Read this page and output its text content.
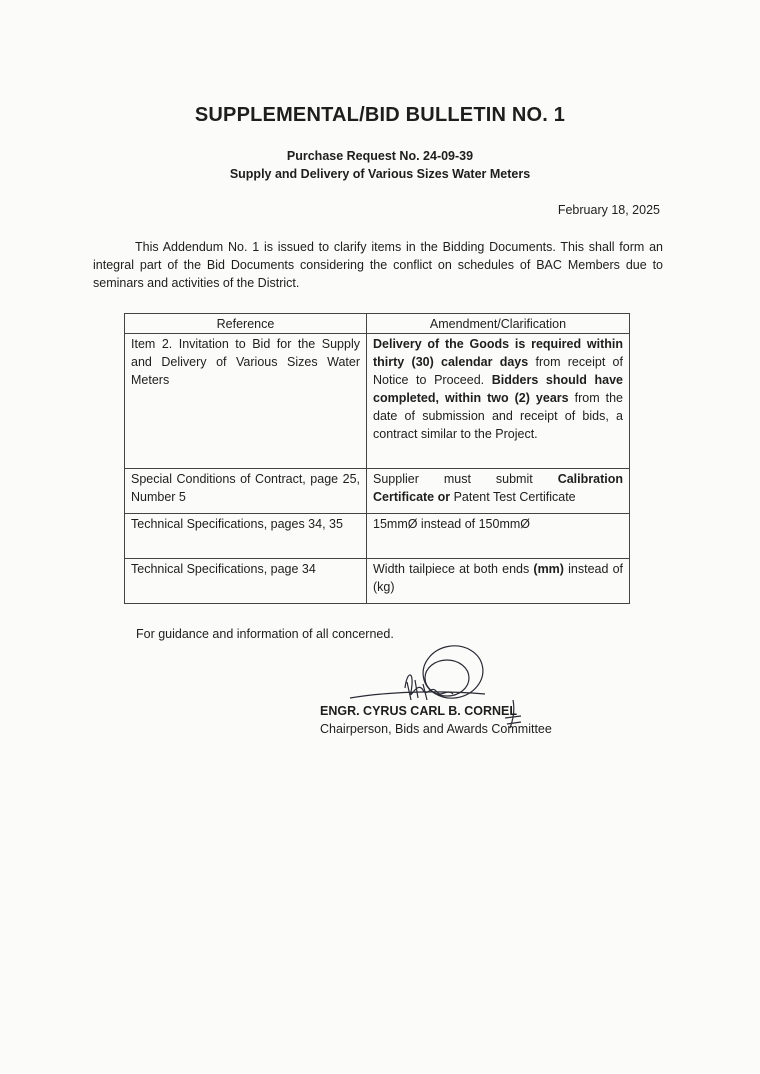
SUPPLEMENTAL/BID BULLETIN NO. 1
Purchase Request No. 24-09-39
Supply and Delivery of Various Sizes Water Meters
February 18, 2025
This Addendum No. 1 is issued to clarify items in the Bidding Documents. This shall form an integral part of the Bid Documents considering the conflict on schedules of BAC Members due to seminars and activities of the District.
Reference	Amendment/Clarification
Item 2. Invitation to Bid for the Supply and Delivery of Various Sizes Water Meters	Delivery of the Goods is required within thirty (30) calendar days from receipt of Notice to Proceed. Bidders should have completed, within two (2) years from the date of submission and receipt of bids, a contract similar to the Project.
Special Conditions of Contract, page 25, Number 5	Supplier must submit Calibration Certificate or Patent Test Certificate
Technical Specifications, pages 34, 35	15mmØ instead of 150mmØ
Technical Specifications, page 34	Width tailpiece at both ends (mm) instead of (kg)
For guidance and information of all concerned.
ENGR. CYRUS CARL B. CORNEL
Chairperson, Bids and Awards Committee
